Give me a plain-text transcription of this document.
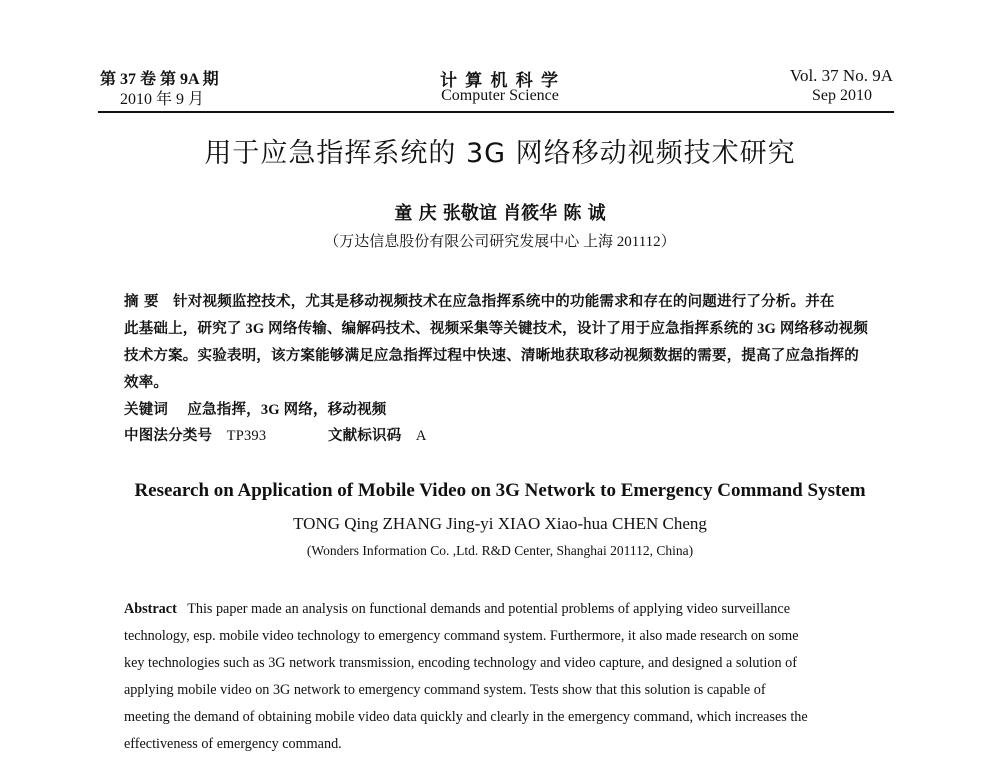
第 37 卷 第 9A 期
2010 年 9 月
计 算 机 科 学
Computer Science
Vol. 37 No. 9A
Sep 2010
用于应急指挥系统的 3G 网络移动视频技术研究
童 庆 张敬谊 肖筱华 陈 诚
（万达信息股份有限公司研究发展中心 上海 201112）
摘 要 针对视频监控技术，尤其是移动视频技术在应急指挥系统中的功能需求和存在的问题进行了分析。并在
此基础上，研究了 3G 网络传输、编解码技术、视频采集等关键技术，设计了用于应急指挥系统的 3G 网络移动视频
技术方案。实验表明，该方案能够满足应急指挥过程中快速、清晰地获取移动视频数据的需要，提高了应急指挥的
效率。
关键词 应急指挥，3G 网络，移动视频
中图法分类号 TP393	文献标识码 A
Research on Application of Mobile Video on 3G Network to Emergency Command System
TONG Qing ZHANG Jing-yi XIAO Xiao-hua CHEN Cheng
(Wonders Information Co. ,Ltd. R&D Center, Shanghai 201112, China)
Abstract This paper made an analysis on functional demands and potential problems of applying video surveillance
technology, esp. mobile video technology to emergency command system. Furthermore, it also made research on some
key technologies such as 3G network transmission, encoding technology and video capture, and designed a solution of
applying mobile video on 3G network to emergency command system. Tests show that this solution is capable of
meeting the demand of obtaining mobile video data quickly and clearly in the emergency command, which increases the
effectiveness of emergency command.
